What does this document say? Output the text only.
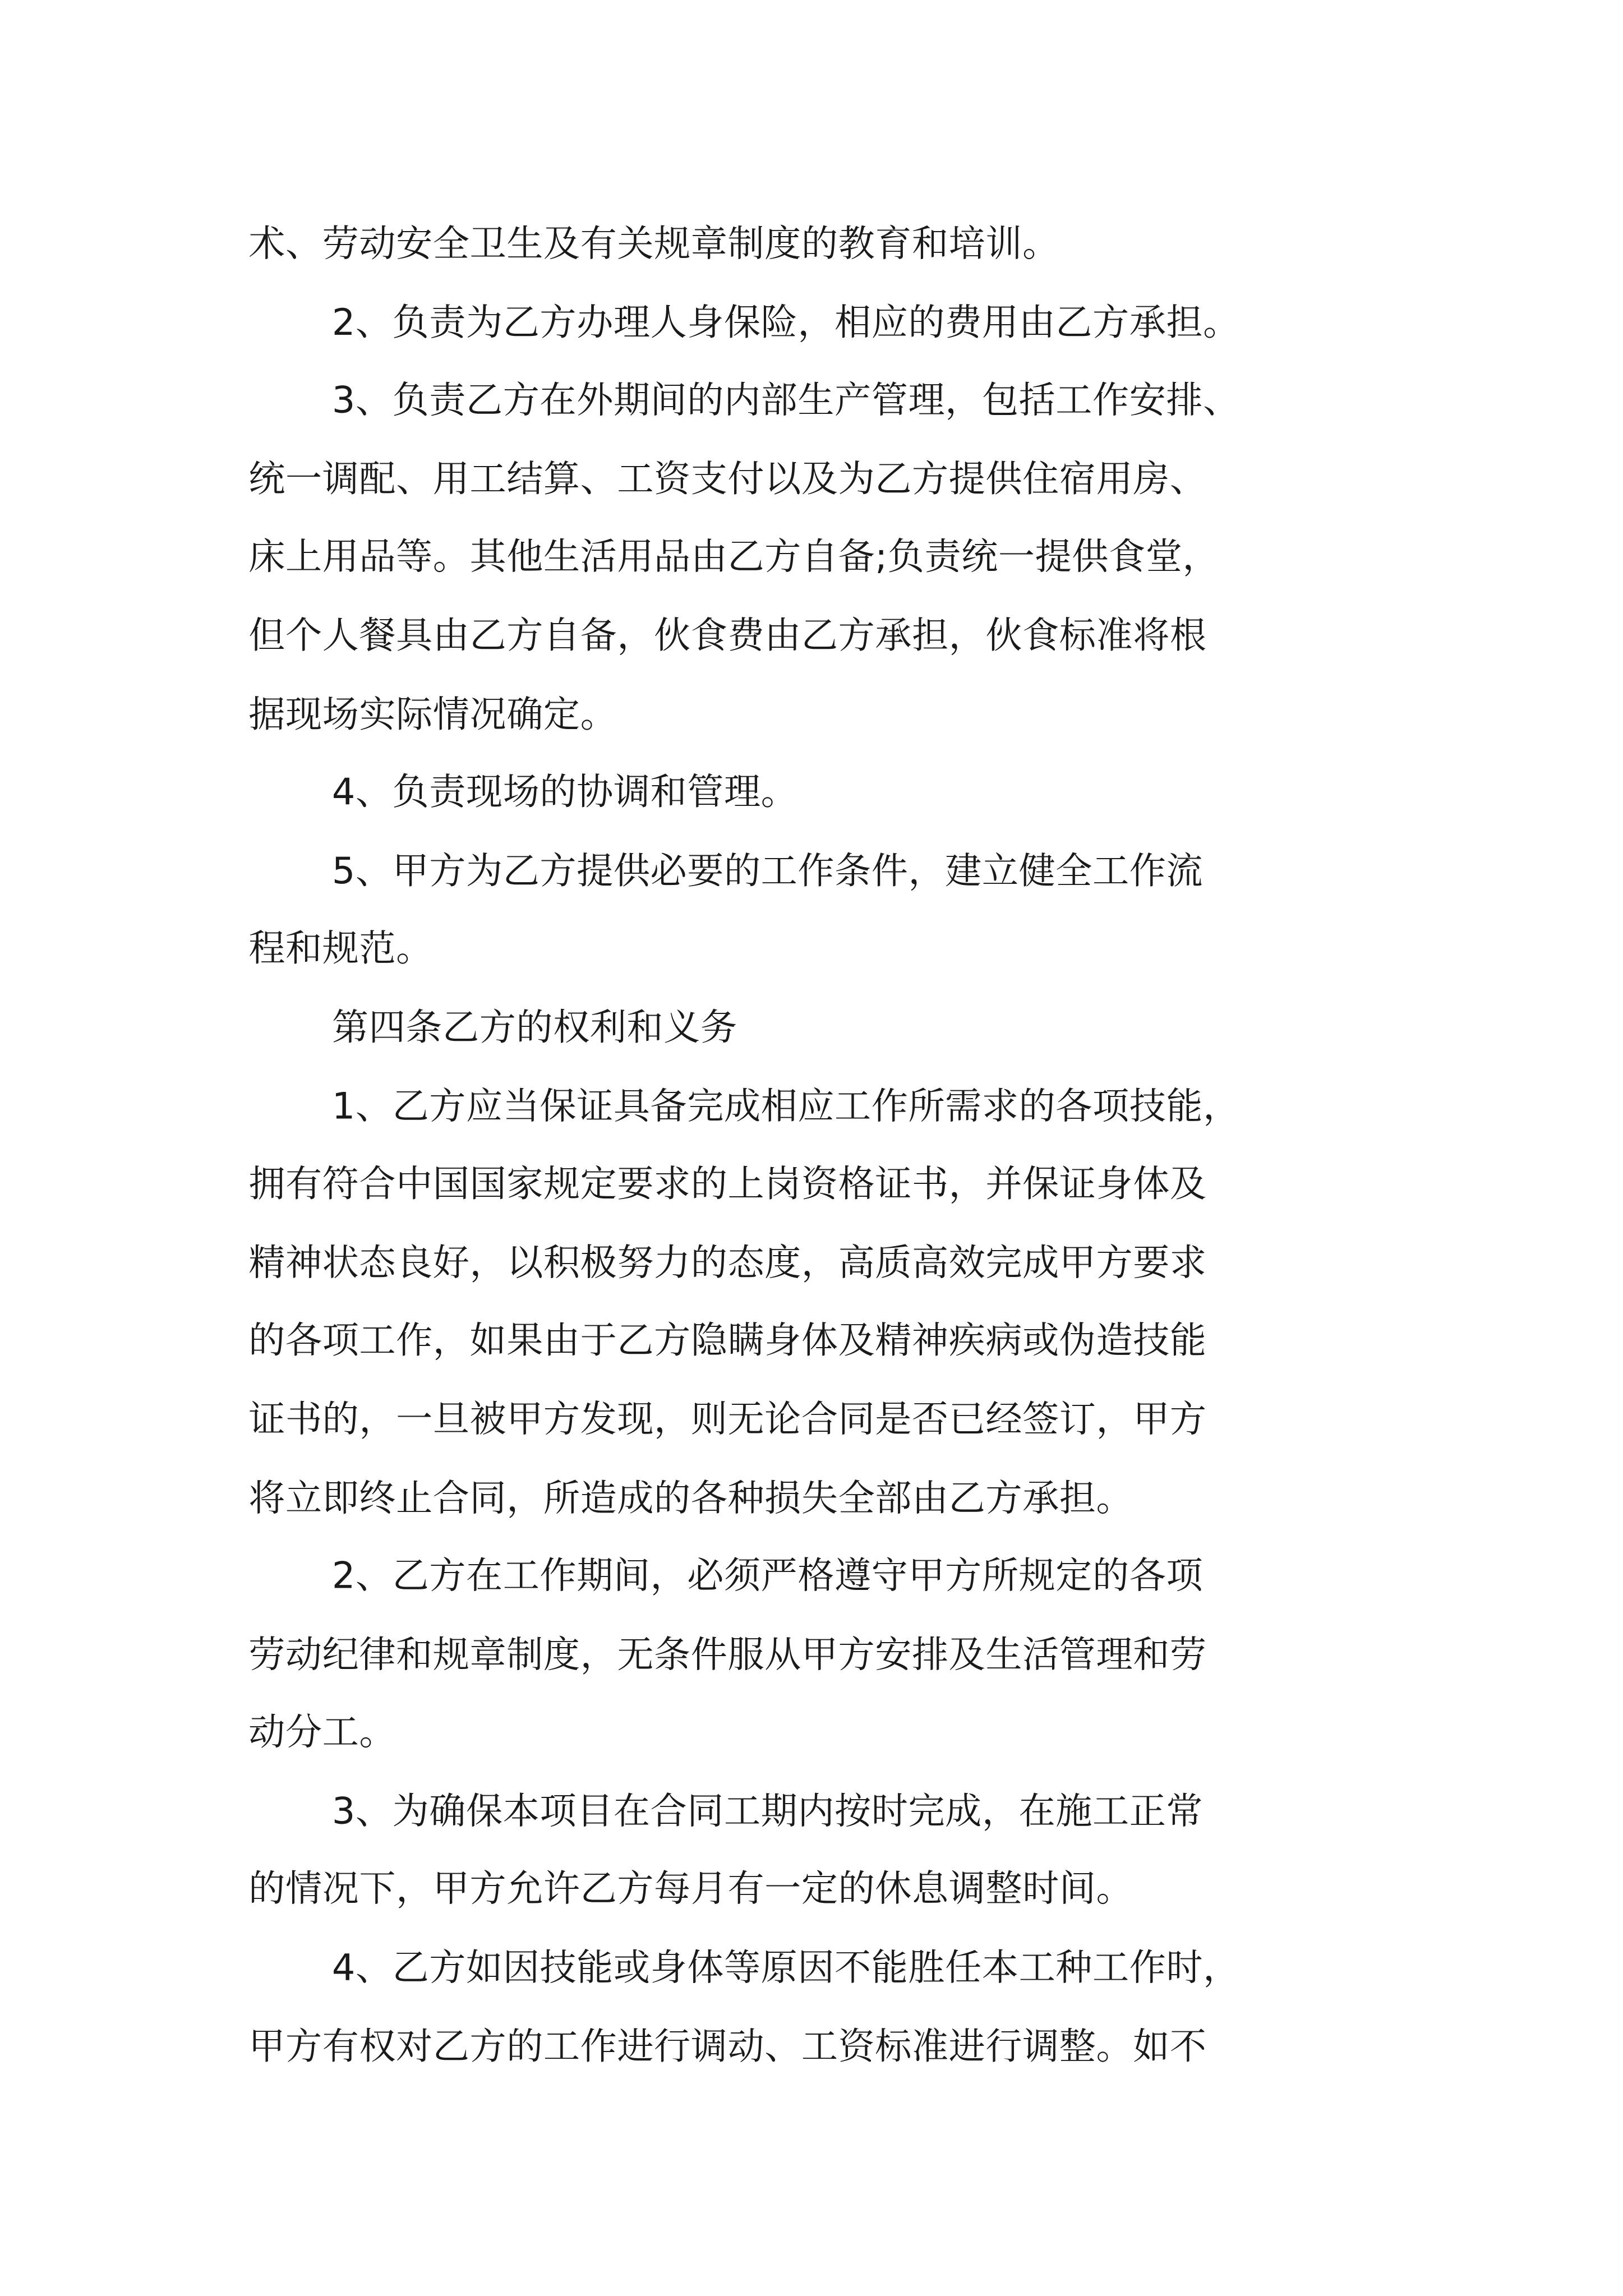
术、劳动安全卫生及有关规章制度的教育和培训。
2、负责为乙方办理人身保险，相应的费用由乙方承担。
3、负责乙方在外期间的内部生产管理，包括工作安排、
统一调配、用工结算、工资支付以及为乙方提供住宿用房、
床上用品等。其他生活用品由乙方自备;负责统一提供食堂，
但个人餐具由乙方自备，伙食费由乙方承担，伙食标准将根
据现场实际情况确定。
4、负责现场的协调和管理。
5、甲方为乙方提供必要的工作条件，建立健全工作流
程和规范。
第四条乙方的权利和义务
1、乙方应当保证具备完成相应工作所需求的各项技能，
拥有符合中国国家规定要求的上岗资格证书，并保证身体及
精神状态良好，以积极努力的态度，高质高效完成甲方要求
的各项工作，如果由于乙方隐瞒身体及精神疾病或伪造技能
证书的，一旦被甲方发现，则无论合同是否已经签订，甲方
将立即终止合同，所造成的各种损失全部由乙方承担。
2、乙方在工作期间，必须严格遵守甲方所规定的各项
劳动纪律和规章制度，无条件服从甲方安排及生活管理和劳
动分工。
3、为确保本项目在合同工期内按时完成，在施工正常
的情况下，甲方允许乙方每月有一定的休息调整时间。
4、乙方如因技能或身体等原因不能胜任本工种工作时，
甲方有权对乙方的工作进行调动、工资标准进行调整。如不
